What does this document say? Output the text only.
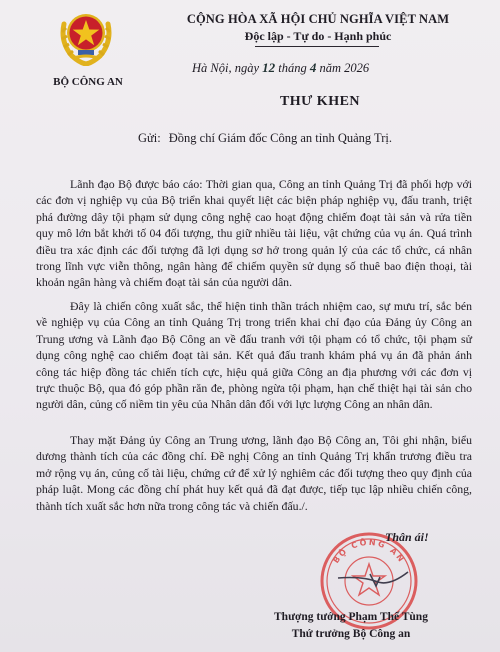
BỘ CÔNG AN
CỘNG HÒA XÃ HỘI CHỦ NGHĨA VIỆT NAM
Độc lập - Tự do - Hạnh phúc
Hà Nội, ngày 12 tháng 4 năm 2026
THƯ KHEN
Gửi: Đồng chí Giám đốc Công an tỉnh Quảng Trị.

Lãnh đạo Bộ được báo cáo: Thời gian qua, Công an tỉnh Quảng Trị đã phối hợp với các đơn vị nghiệp vụ của Bộ triển khai quyết liệt các biện pháp nghiệp vụ, đấu tranh, triệt phá đường dây tội phạm sử dụng công nghệ cao hoạt động chiếm đoạt tài sản và rửa tiền quy mô lớn bắt khởi tố 04 đối tượng, thu giữ nhiều tài liệu, vật chứng của vụ án. Quá trình điều tra xác định các đối tượng đã lợi dụng sơ hở trong quản lý của các tổ chức, cá nhân trong lĩnh vực viễn thông, ngân hàng để chiếm quyền sử dụng số thuê bao điện thoại, tài khoản ngân hàng và chiếm đoạt tài sản của người dân.

Đây là chiến công xuất sắc, thể hiện tinh thần trách nhiệm cao, sự mưu trí, sắc bén về nghiệp vụ của Công an tỉnh Quảng Trị trong triển khai chỉ đạo của Đảng ủy Công an Trung ương và Lãnh đạo Bộ Công an về đấu tranh với tội phạm có tổ chức, tội phạm sử dụng công nghệ cao chiếm đoạt tài sản. Kết quả đấu tranh khám phá vụ án đã phản ánh công tác hiệp đồng tác chiến tích cực, hiệu quả giữa Công an địa phương với các đơn vị trực thuộc Bộ, qua đó góp phần răn đe, phòng ngừa tội phạm, hạn chế thiệt hại tài sản cho người dân, củng cố niềm tin yêu của Nhân dân đối với lực lượng Công an nhân dân.

Thay mặt Đảng ủy Công an Trung ương, lãnh đạo Bộ Công an, Tôi ghi nhận, biểu dương thành tích của các đồng chí. Đề nghị Công an tỉnh Quảng Trị khẩn trương điều tra mở rộng vụ án, củng cố tài liệu, chứng cứ để xử lý nghiêm các đối tượng theo quy định của pháp luật. Mong các đồng chí phát huy kết quả đã đạt được, tiếp tục lập nhiều chiến công, thành tích xuất sắc hơn nữa trong công tác và chiến đấu./.

BỘ CÔNG AN
Thân ái!
Thượng tướng Phạm Thế Tùng
Thứ trưởng Bộ Công an
